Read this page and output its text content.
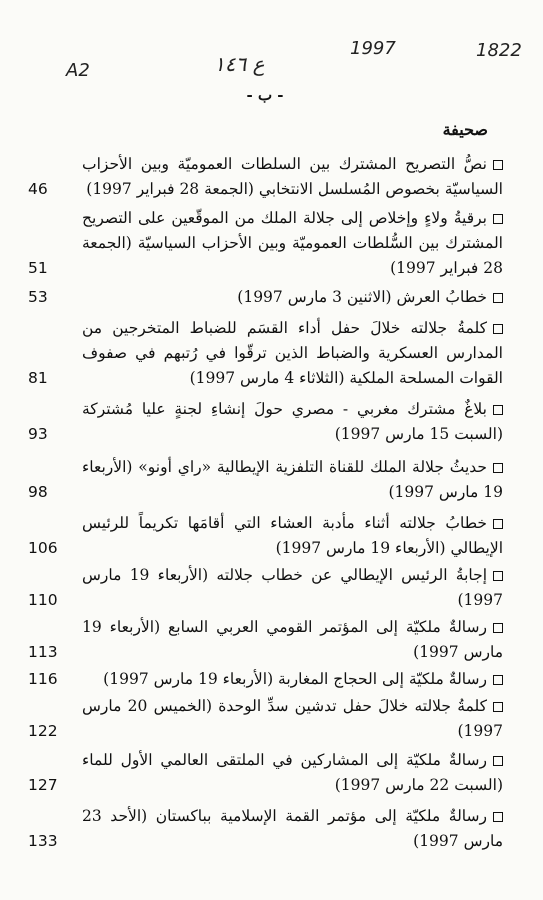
A2	ع ١٤٦
1997	1822
- ب -
صحيفة
نصُّ التصريح المشترك بين السلطات العموميّة وبين الأحزاب السياسيّة بخصوص المُسلسل الانتخابي (الجمعة 28 فبراير 1997)
46
برقيةُ ولاءٍ وإخلاص إلى جلالة الملك من الموقّعين على التصريح المشترك بين السُّلطات العموميّة وبين الأحزاب السياسيّة (الجمعة 28 فبراير 1997)
51
خطابُ العرش (الاثنين 3 مارس 1997)
53
كلمةُ جلالته خلالَ حفل أداء القسَم للضباط المتخرجين من المدارس العسكرية والضباط الذين ترقّوا في رُتبهم في صفوف القوات المسلحة الملكية (الثلاثاء 4 مارس 1997)
81
بلاغٌ مشترك مغربي - مصري حولَ إنشاءِ لجنةٍ عليا مُشتركة (السبت 15 مارس 1997)
93
حديثُ جلالة الملك للقناة التلفزية الإيطالية «راي أونو» (الأربعاء 19 مارس 1997)
98
خطابُ جلالته أثناء مأدبة العشاء التي أقامَها تكريماً للرئيس الإيطالي (الأربعاء 19 مارس 1997)
106
إجابةُ الرئيس الإيطالي عن خطاب جلالته (الأربعاء 19 مارس 1997)
110
رسالةٌ ملكيّة إلى المؤتمر القومي العربي السابع (الأربعاء 19 مارس 1997)
113
رسالةٌ ملكيّة إلى الحجاج المغاربة (الأربعاء 19 مارس 1997)
116
كلمةُ جلالته خلالَ حفل تدشين سدِّ الوحدة (الخميس 20 مارس 1997)
122
رسالةٌ ملكيّة إلى المشاركين في الملتقى العالمي الأول للماء (السبت 22 مارس 1997)
127
رسالةٌ ملكيّة إلى مؤتمر القمة الإسلامية بباكستان (الأحد 23 مارس 1997)
133
